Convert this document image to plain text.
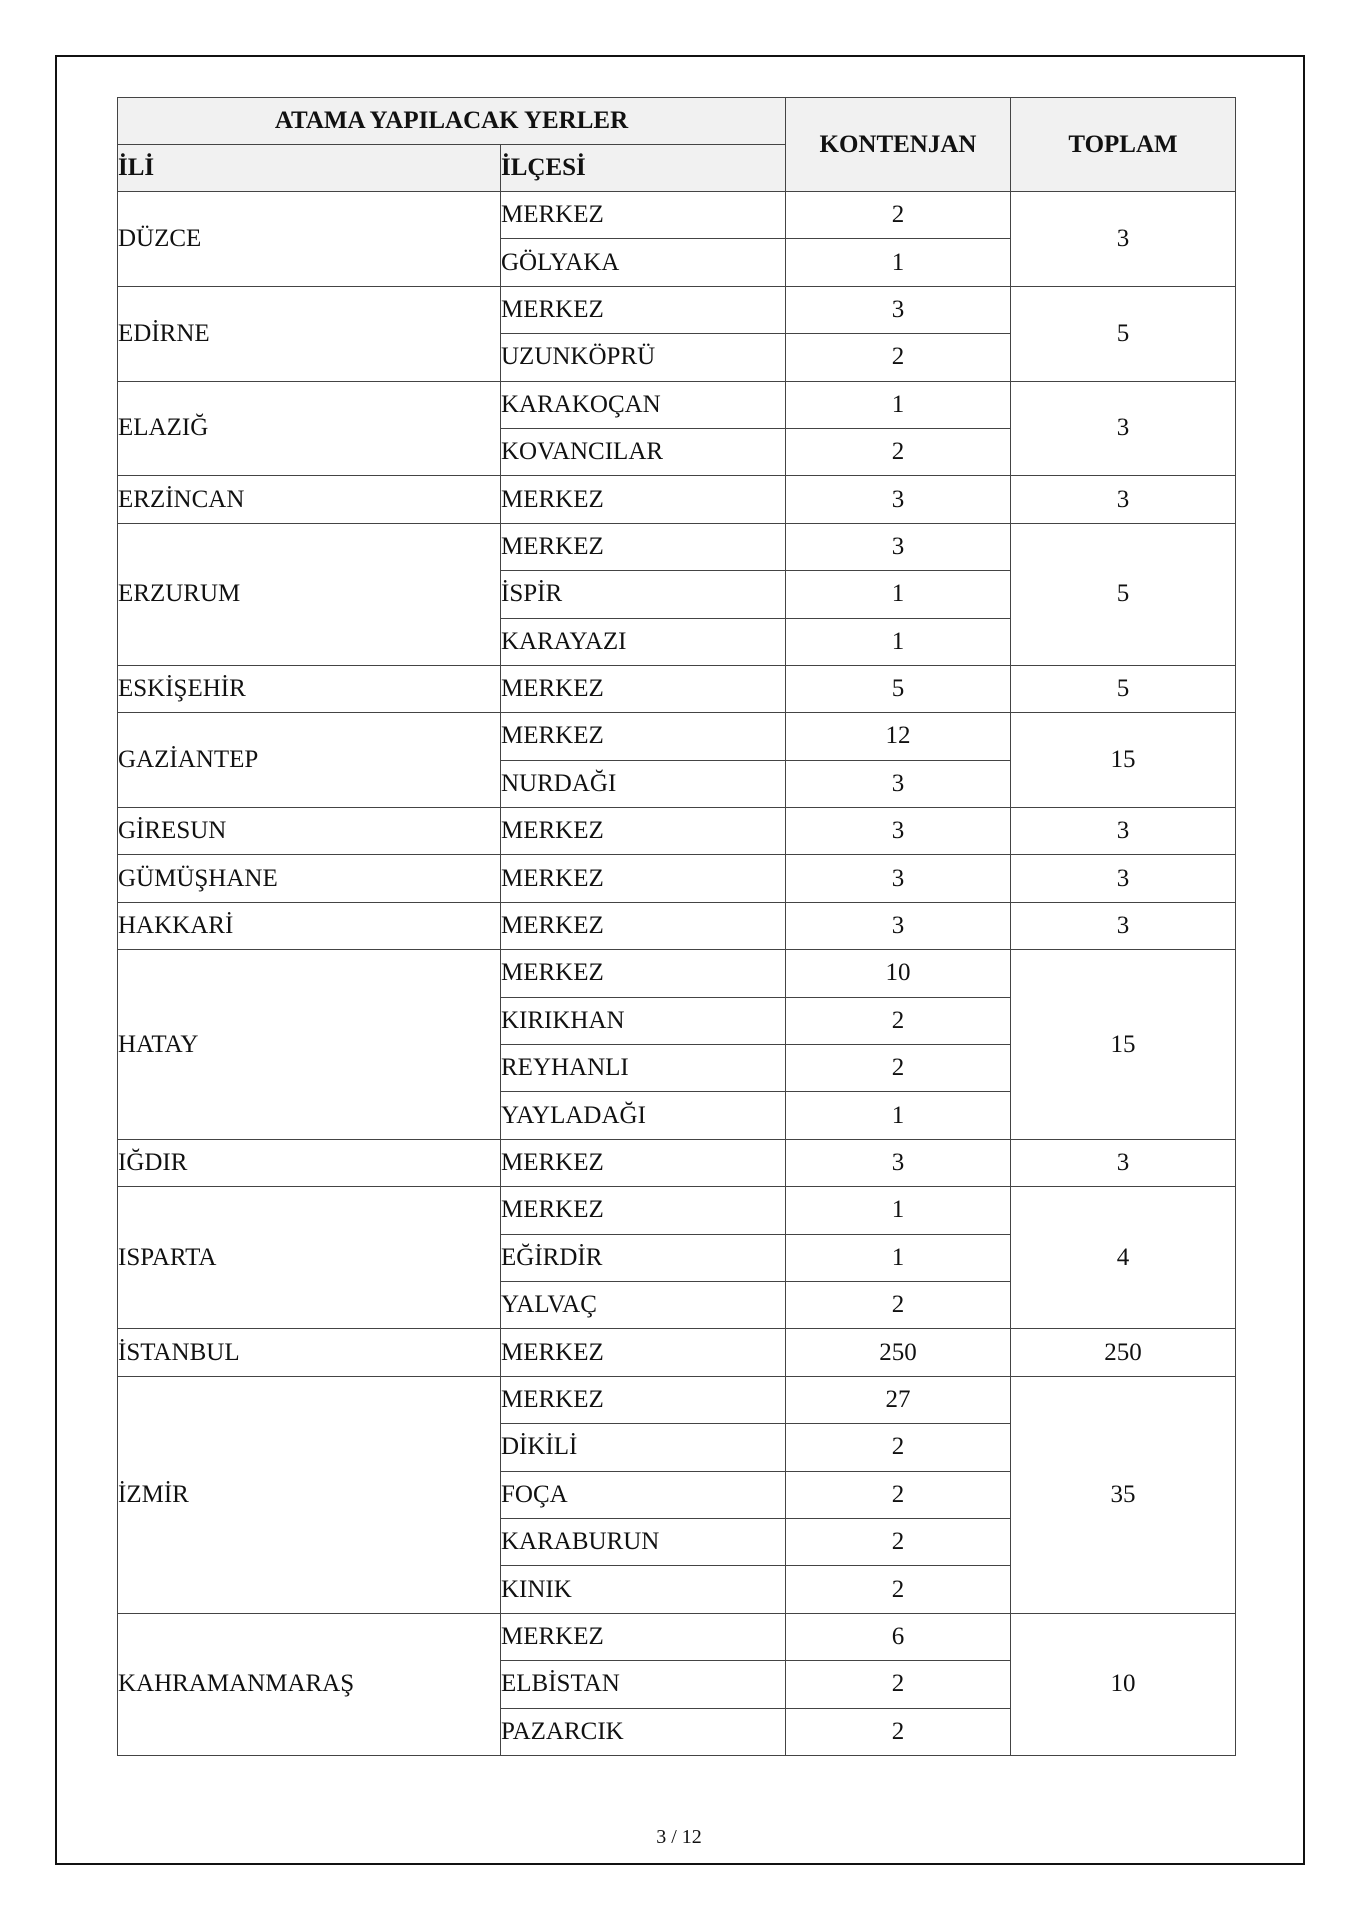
ATAMA YAPILACAK YERLER		KONTENJAN	TOPLAM
İLİ	İLÇESİ		
DÜZCE	MERKEZ	2	3
	GÖLYAKA	1	
EDİRNE	MERKEZ	3	5
	UZUNKÖPRÜ	2	
ELAZIĞ	KARAKOÇAN	1	3
	KOVANCILAR	2	
ERZİNCAN	MERKEZ	3	3
ERZURUM	MERKEZ	3	5
	İSPİR	1	
	KARAYAZI	1	
ESKİŞEHİR	MERKEZ	5	5
GAZİANTEP	MERKEZ	12	15
	NURDAĞI	3	
GİRESUN	MERKEZ	3	3
GÜMÜŞHANE	MERKEZ	3	3
HAKKARİ	MERKEZ	3	3
HATAY	MERKEZ	10	15
	KIRIKHAN	2	
	REYHANLI	2	
	YAYLADAĞI	1	
IĞDIR	MERKEZ	3	3
ISPARTA	MERKEZ	1	4
	EĞİRDİR	1	
	YALVAÇ	2	
İSTANBUL	MERKEZ	250	250
İZMİR	MERKEZ	27	35
	DİKİLİ	2	
	FOÇA	2	
	KARABURUN	2	
	KINIK	2	
KAHRAMANMARAŞ	MERKEZ	6	10
	ELBİSTAN	2	
	PAZARCIK	2	
3 / 12
